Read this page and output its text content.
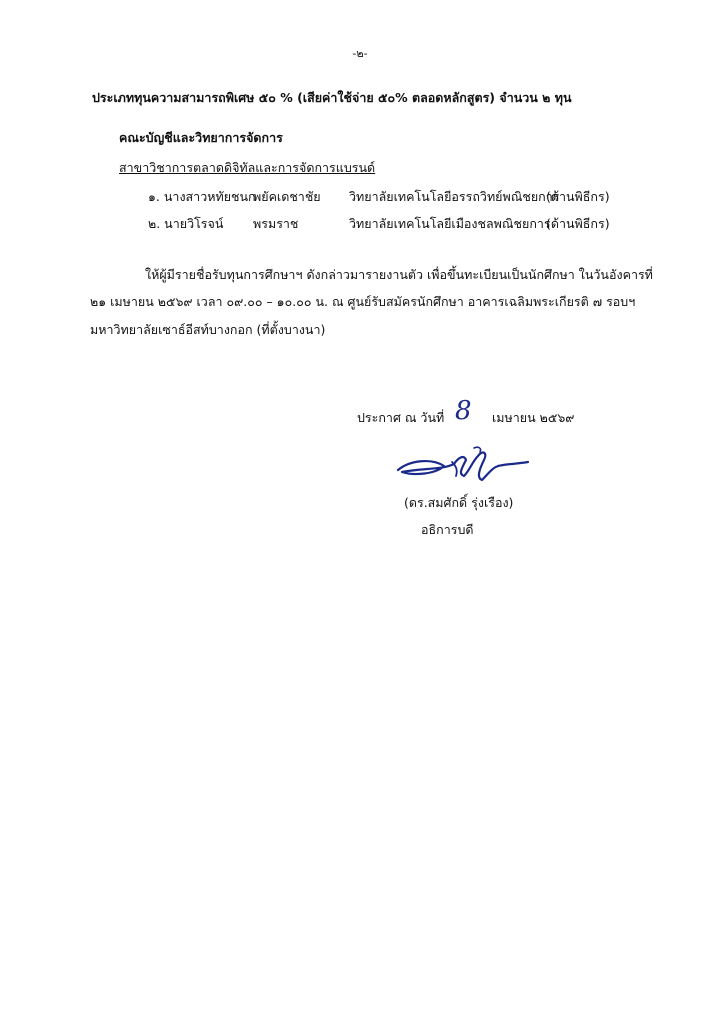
-๒-
ประเภททุนความสามารถพิเศษ ๕๐ % (เสียค่าใช้จ่าย ๕๐% ตลอดหลักสูตร) จำนวน ๒ ทุน
คณะบัญชีและวิทยาการจัดการ
สาขาวิชาการตลาดดิจิทัลและการจัดการแบรนด์
๑. นางสาวหทัยชนก
พยัคเดชาชัย วิทยาลัยเทคโนโลยีอรรถวิทย์พณิชยการ
(ด้านพิธีกร)
๒. นายวิโรจน์ พรมราช	วิทยาลัยเทคโนโลยีเมืองชลพณิชยการ
(ด้านพิธีกร)
ให้ผู้มีรายชื่อรับทุนการศึกษาฯ ดังกล่าวมารายงานตัว เพื่อขึ้นทะเบียนเป็นนักศึกษา ในวันอังคารที่
๒๑ เมษายน ๒๕๖๙ เวลา ๐๙.๐๐ – ๑๐.๐๐ น. ณ ศูนย์รับสมัครนักศึกษา อาคารเฉลิมพระเกียรติ ๗ รอบฯ
มหาวิทยาลัยเซาธ์อีสท์บางกอก (ที่ตั้งบางนา)
ประกาศ ณ วันที่ 8 เมษายน ๒๕๖๙
(ดร.สมศักดิ์ รุ่งเรือง)
อธิการบดี
